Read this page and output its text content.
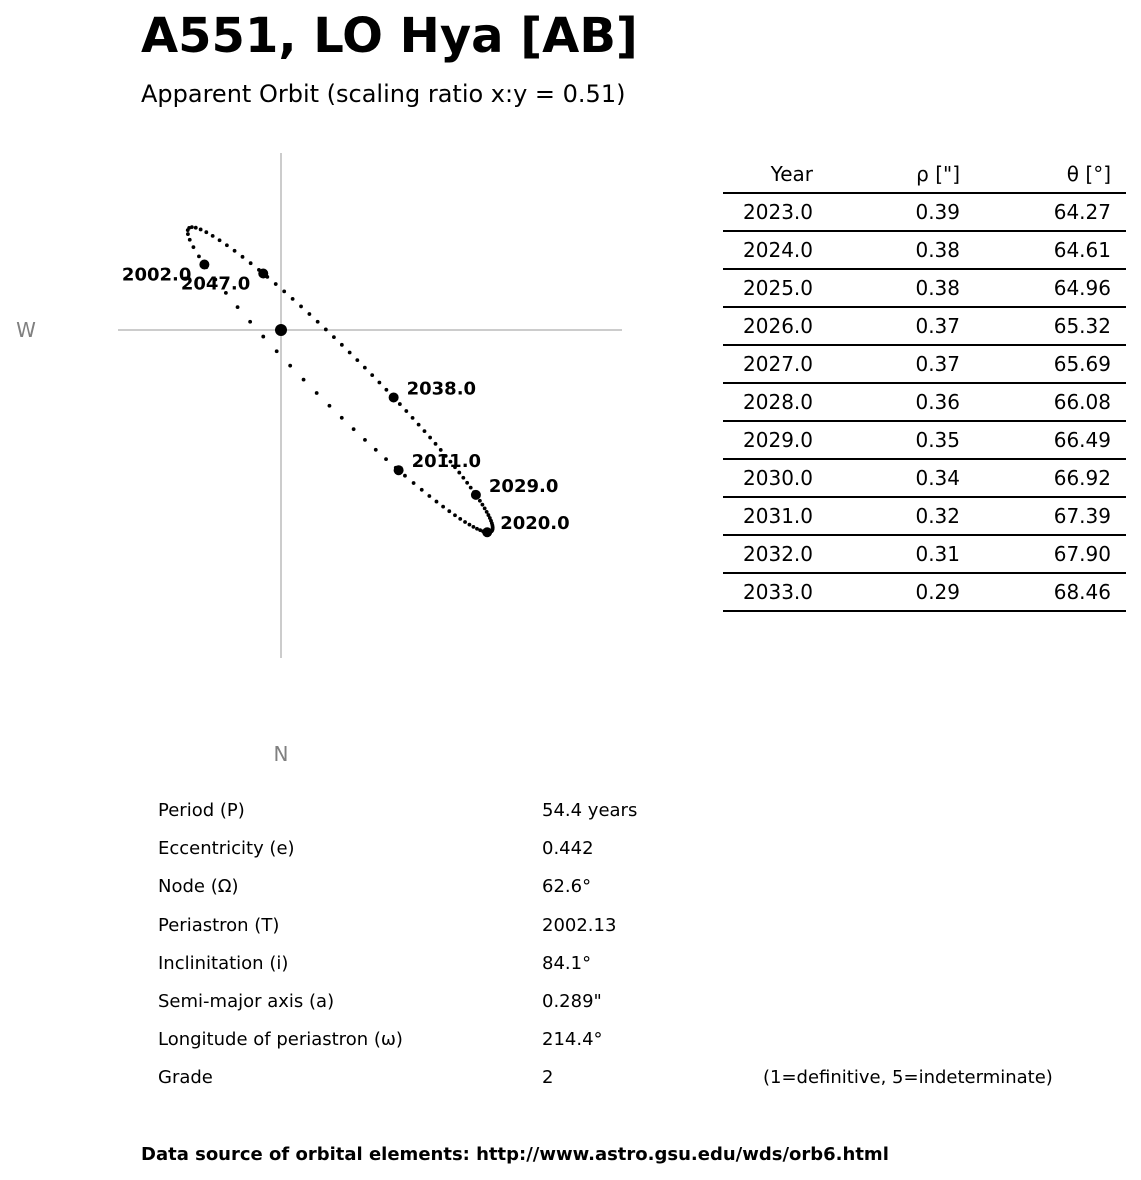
A551, LO Hya [AB]
Apparent Orbit (scaling ratio x:y = 0.51)
W
N
2002.0
2011.0
2020.0
2029.0
2038.0
2047.0
Year	ρ ["]	θ [°]	
2023.0	0.39	64.27	
2024.0	0.38	64.61	
2025.0	0.38	64.96	
2026.0	0.37	65.32	
2027.0	0.37	65.69	
2028.0	0.36	66.08	
2029.0	0.35	66.49	
2030.0	0.34	66.92	
2031.0	0.32	67.39	
2032.0	0.31	67.90	
2033.0	0.29	68.46	
Period (P)	54.4 years
Eccentricity (e)	0.442
Node (Ω)	62.6°
Periastron (T)	2002.13
Inclinitation (i)	84.1°
Semi-major axis (a)	0.289"
Longitude of periastron (ω)	214.4°
Grade	2	(1=definitive, 5=indeterminate)
Data source of orbital elements: http://www.astro.gsu.edu/wds/orb6.html
